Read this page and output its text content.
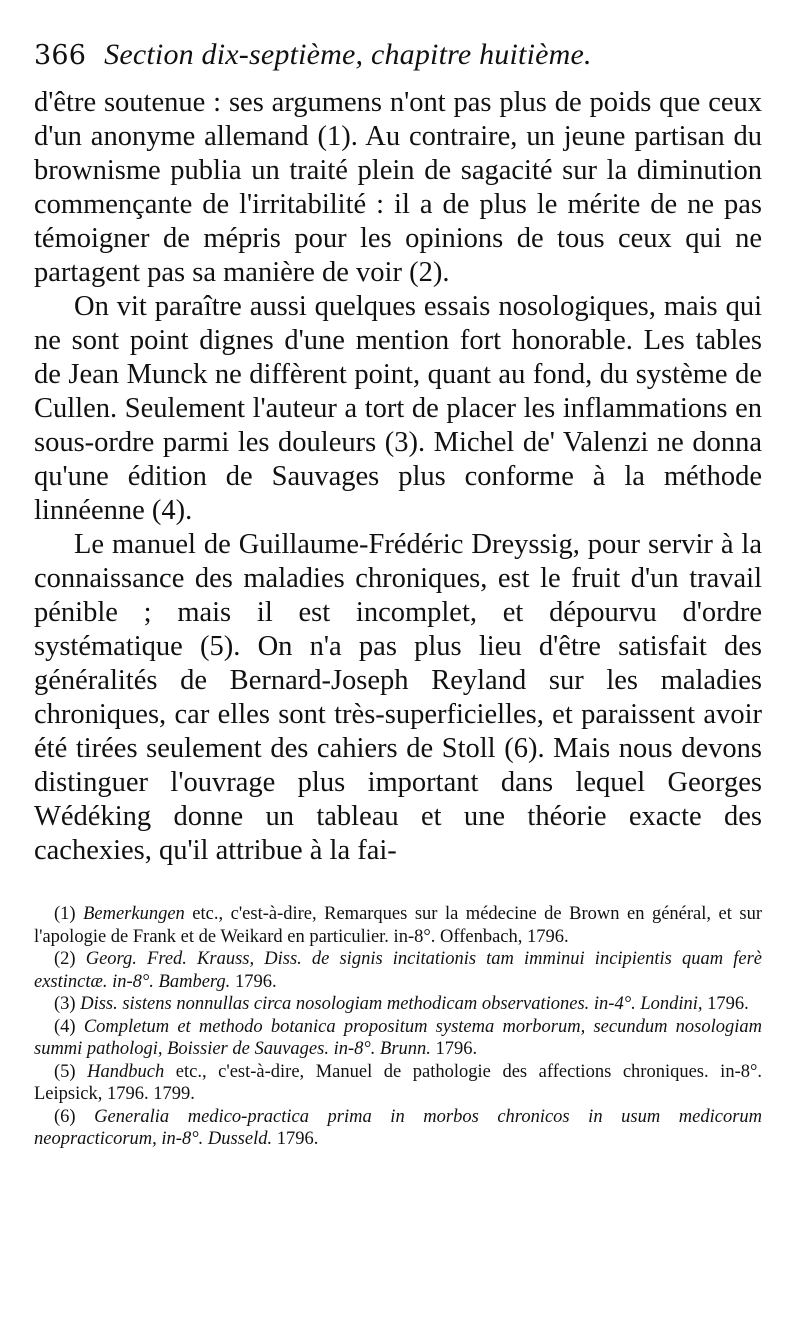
366 Section dix-septième, chapitre huitième.

d'être soutenue : ses argumens n'ont pas plus de poids que ceux d'un anonyme allemand (1). Au contraire, un jeune partisan du brownisme publia un traité plein de sagacité sur la diminution commençante de l'irritabilité : il a de plus le mérite de ne pas témoigner de mépris pour les opinions de tous ceux qui ne partagent pas sa manière de voir (2).

On vit paraître aussi quelques essais nosologiques, mais qui ne sont point dignes d'une mention fort honorable. Les tables de Jean Munck ne diffèrent point, quant au fond, du système de Cullen. Seulement l'auteur a tort de placer les inflammations en sous-ordre parmi les douleurs (3). Michel de' Valenzi ne donna qu'une édition de Sauvages plus conforme à la méthode linnéenne (4).

Le manuel de Guillaume-Frédéric Dreyssig, pour servir à la connaissance des maladies chroniques, est le fruit d'un travail pénible ; mais il est incomplet, et dépourvu d'ordre systématique (5). On n'a pas plus lieu d'être satisfait des généralités de Bernard-Joseph Reyland sur les maladies chroniques, car elles sont très-superficielles, et paraissent avoir été tirées seulement des cahiers de Stoll (6). Mais nous devons distinguer l'ouvrage plus important dans lequel Georges Wédéking donne un tableau et une théorie exacte des cachexies, qu'il attribue à la fai-

(1) Bemerkungen etc., c'est-à-dire, Remarques sur la médecine de Brown en général, et sur l'apologie de Frank et de Weikard en particulier. in-8°. Offenbach, 1796.

(2) Georg. Fred. Krauss, Diss. de signis incitationis tam imminui incipientis quam ferè exstinctæ. in-8°. Bamberg. 1796.

(3) Diss. sistens nonnullas circa nosologiam methodicam observationes. in-4°. Londini, 1796.

(4) Completum et methodo botanica propositum systema morborum, secundum nosologiam summi pathologi, Boissier de Sauvages. in-8°. Brunn. 1796.

(5) Handbuch etc., c'est-à-dire, Manuel de pathologie des affections chroniques. in-8°. Leipsick, 1796. 1799.

(6) Generalia medico-practica prima in morbos chronicos in usum medicorum neopracticorum, in-8°. Dusseld. 1796.
